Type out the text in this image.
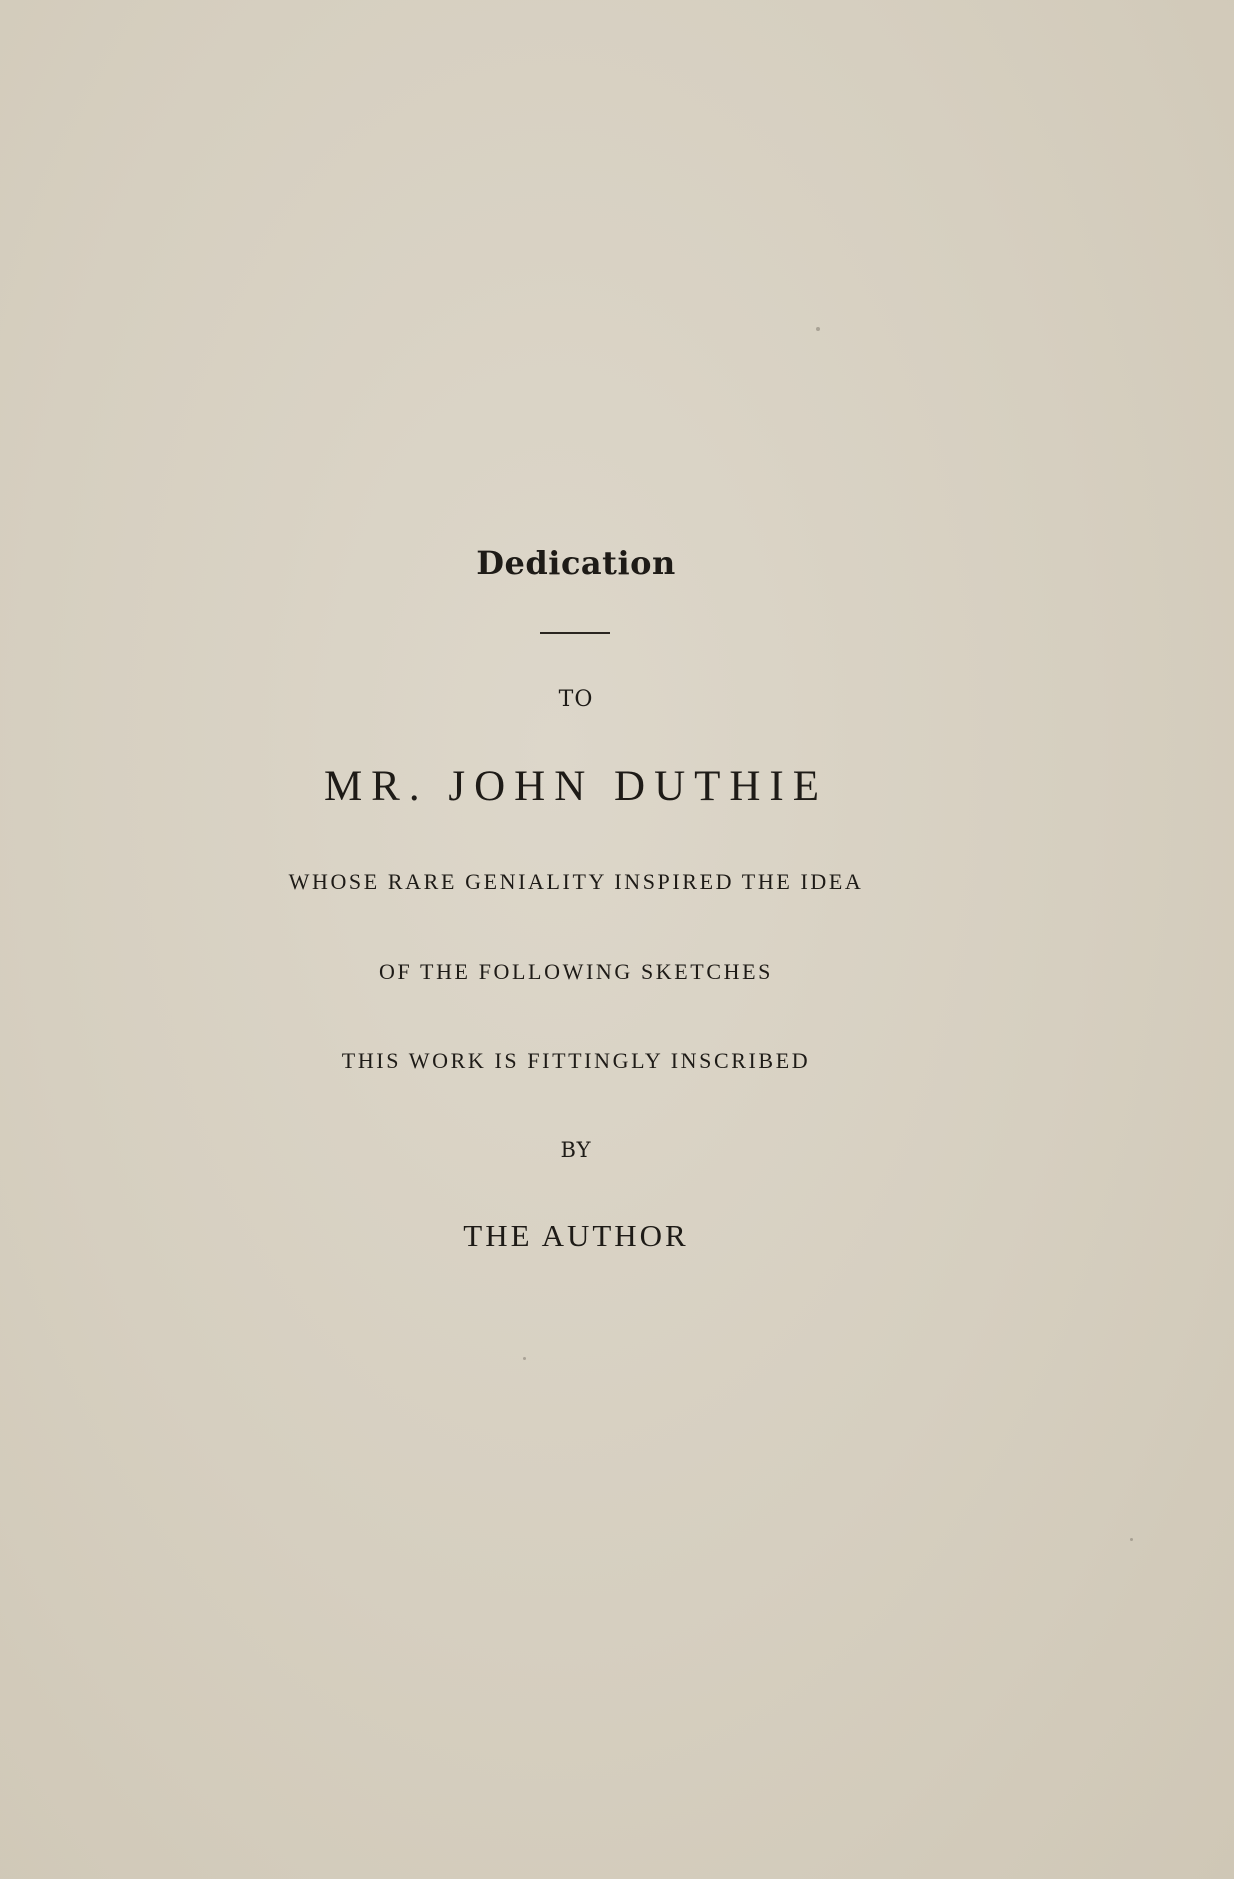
Dedication
TO
MR. JOHN DUTHIE
WHOSE RARE GENIALITY INSPIRED THE IDEA
OF THE FOLLOWING SKETCHES
THIS WORK IS FITTINGLY INSCRIBED
BY
THE AUTHOR
